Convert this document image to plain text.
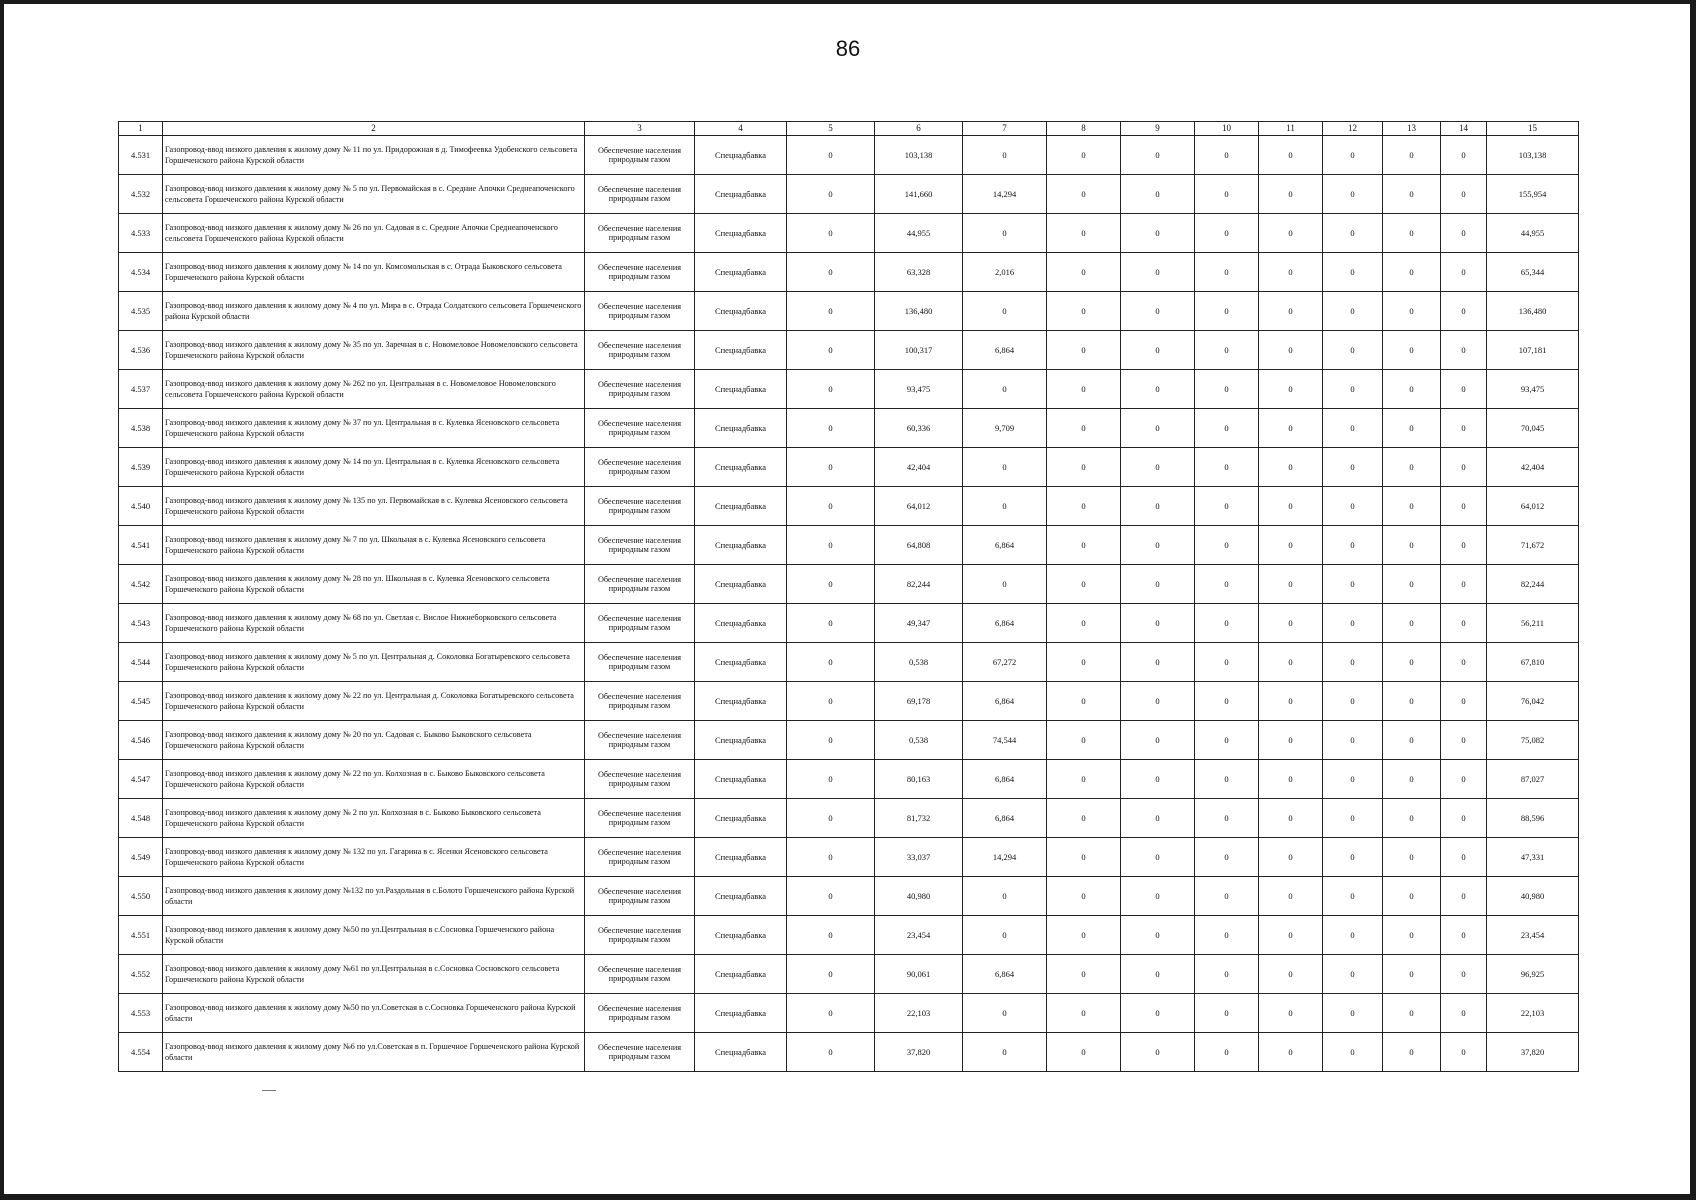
86
1	2	3	4	5	6	7	8	9	10	11	12	13	14	15
4.531	Газопровод-ввод низкого давления к жилому дому № 11 по ул. Придорожная в д. Тимофеевка Удобенского сельсовета Горшеченского района Курской области	Обеспечение населения природным газом	Спецнадбавка	0	103,138	0	0	0	0	0	0	0	0	103,138
4.532	Газопровод-ввод низкого давления к жилому дому № 5 по ул. Первомайская в с. Средние Апочки Среднеапоченского сельсовета Горшеченского района Курской области	Обеспечение населения природным газом	Спецнадбавка	0	141,660	14,294	0	0	0	0	0	0	0	155,954
4.533	Газопровод-ввод низкого давления к жилому дому № 26 по ул. Садовая в с. Средние Апочки Среднеапоченского сельсовета Горшеченского района Курской области	Обеспечение населения природным газом	Спецнадбавка	0	44,955	0	0	0	0	0	0	0	0	44,955
4.534	Газопровод-ввод низкого давления к жилому дому № 14 по ул. Комсомольская в с. Отрада Быковского сельсовета Горшеченского района Курской области	Обеспечение населения природным газом	Спецнадбавка	0	63,328	2,016	0	0	0	0	0	0	0	65,344
4.535	Газопровод-ввод низкого давления к жилому дому № 4 по ул. Мира в с. Отрада Солдатского сельсовета Горшеченского района Курской области	Обеспечение населения природным газом	Спецнадбавка	0	136,480	0	0	0	0	0	0	0	0	136,480
4.536	Газопровод-ввод низкого давления к жилому дому № 35 по ул. Заречная в с. Новомеловое Новомеловского сельсовета Горшеченского района Курской области	Обеспечение населения природным газом	Спецнадбавка	0	100,317	6,864	0	0	0	0	0	0	0	107,181
4.537	Газопровод-ввод низкого давления к жилому дому № 262 по ул. Центральная в с. Новомеловое Новомеловского сельсовета Горшеченского района Курской области	Обеспечение населения природным газом	Спецнадбавка	0	93,475	0	0	0	0	0	0	0	0	93,475
4.538	Газопровод-ввод низкого давления к жилому дому № 37 по ул. Центральная в с. Кулевка Ясеновского сельсовета Горшеченского района Курской области	Обеспечение населения природным газом	Спецнадбавка	0	60,336	9,709	0	0	0	0	0	0	0	70,045
4.539	Газопровод-ввод низкого давления к жилому дому № 14 по ул. Центральная в с. Кулевка Ясеновского сельсовета Горшеченского района Курской области	Обеспечение населения природным газом	Спецнадбавка	0	42,404	0	0	0	0	0	0	0	0	42,404
4.540	Газопровод-ввод низкого давления к жилому дому № 135 по ул. Первомайская в с. Кулевка Ясеновского сельсовета Горшеченского района Курской области	Обеспечение населения природным газом	Спецнадбавка	0	64,012	0	0	0	0	0	0	0	0	64,012
4.541	Газопровод-ввод низкого давления к жилому дому № 7 по ул. Школьная в с. Кулевка Ясеновского сельсовета Горшеченского района Курской области	Обеспечение населения природным газом	Спецнадбавка	0	64,808	6,864	0	0	0	0	0	0	0	71,672
4.542	Газопровод-ввод низкого давления к жилому дому № 28 по ул. Школьная в с. Кулевка Ясеновского сельсовета Горшеченского района Курской области	Обеспечение населения природным газом	Спецнадбавка	0	82,244	0	0	0	0	0	0	0	0	82,244
4.543	Газопровод-ввод низкого давления к жилому дому № 68 по ул. Светлая с. Вислое Нижнеборковского сельсовета Горшеченского района Курской области	Обеспечение населения природным газом	Спецнадбавка	0	49,347	6,864	0	0	0	0	0	0	0	56,211
4.544	Газопровод-ввод низкого давления к жилому дому № 5 по ул. Центральная д. Соколовка Богатыревского сельсовета Горшеченского района Курской области	Обеспечение населения природным газом	Спецнадбавка	0	0,538	67,272	0	0	0	0	0	0	0	67,810
4.545	Газопровод-ввод низкого давления к жилому дому № 22 по ул. Центральная д. Соколовка Богатыревского сельсовета Горшеченского района Курской области	Обеспечение населения природным газом	Спецнадбавка	0	69,178	6,864	0	0	0	0	0	0	0	76,042
4.546	Газопровод-ввод низкого давления к жилому дому № 20 по ул. Садовая с. Быково Быковского сельсовета Горшеченского района Курской области	Обеспечение населения природным газом	Спецнадбавка	0	0,538	74,544	0	0	0	0	0	0	0	75,082
4.547	Газопровод-ввод низкого давления к жилому дому № 22 по ул. Колхозная в с. Быково Быковского сельсовета Горшеченского района Курской области	Обеспечение населения природным газом	Спецнадбавка	0	80,163	6,864	0	0	0	0	0	0	0	87,027
4.548	Газопровод-ввод низкого давления к жилому дому № 2 по ул. Колхозная в с. Быково Быковского сельсовета Горшеченского района Курской области	Обеспечение населения природным газом	Спецнадбавка	0	81,732	6,864	0	0	0	0	0	0	0	88,596
4.549	Газопровод-ввод низкого давления к жилому дому № 132 по ул. Гагарина в с. Ясенки Ясеновского сельсовета Горшеченского района Курской области	Обеспечение населения природным газом	Спецнадбавка	0	33,037	14,294	0	0	0	0	0	0	0	47,331
4.550	Газопровод-ввод низкого давления к жилому дому №132 по ул.Раздольная в с.Болото Горшеченского района Курской области	Обеспечение населения природным газом	Спецнадбавка	0	40,980	0	0	0	0	0	0	0	0	40,980
4.551	Газопровод-ввод низкого давления к жилому дому №50 по ул.Центральная в с.Сосновка Горшеченского района Курской области	Обеспечение населения природным газом	Спецнадбавка	0	23,454	0	0	0	0	0	0	0	0	23,454
4.552	Газопровод-ввод низкого давления к жилому дому №61 по ул.Центральная в с.Сосновка Сосновского сельсовета Горшеченского района Курской области	Обеспечение населения природным газом	Спецнадбавка	0	90,061	6,864	0	0	0	0	0	0	0	96,925
4.553	Газопровод-ввод низкого давления к жилому дому №50 по ул.Советская в с.Сосновка Горшеченского района Курской области	Обеспечение населения природным газом	Спецнадбавка	0	22,103	0	0	0	0	0	0	0	0	22,103
4.554	Газопровод-ввод низкого давления к жилому дому №6 по ул.Советская в п. Горшечное Горшеченского района Курской области	Обеспечение населения природным газом	Спецнадбавка	0	37,820	0	0	0	0	0	0	0	0	37,820
